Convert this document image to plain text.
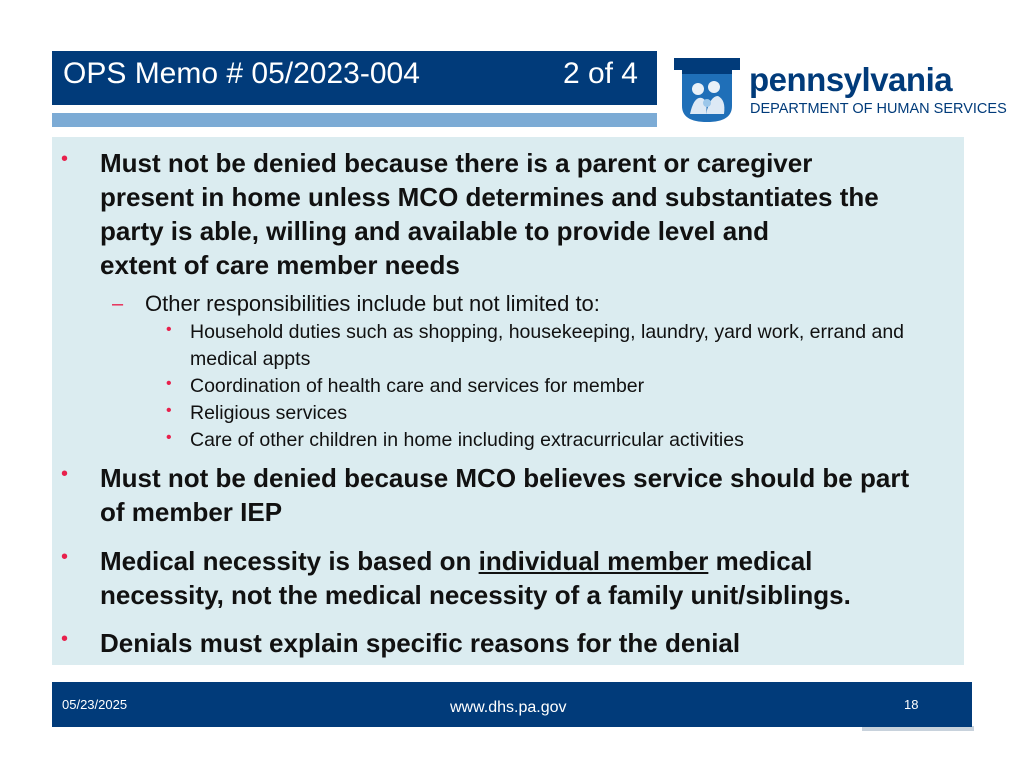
OPS Memo # 05/2023-004	2 of 4	pennsylvania
DEPARTMENT OF HUMAN SERVICES
• Must not be denied because there is a parent or caregiver
present in home unless MCO determines and substantiates the
party is able, willing and available to provide level and
extent of care member needs
– Other responsibilities include but not limited to:
• Household duties such as shopping, housekeeping, laundry, yard work, errand and medical appts
• Coordination of health care and services for member
• Religious services
• Care of other children in home including extracurricular activities
• Must not be denied because MCO believes service should be part of member IEP
• Medical necessity is based on individual member medical necessity, not the medical necessity of a family unit/siblings.
• Denials must explain specific reasons for the denial
05/23/2025	www.dhs.pa.gov	18
